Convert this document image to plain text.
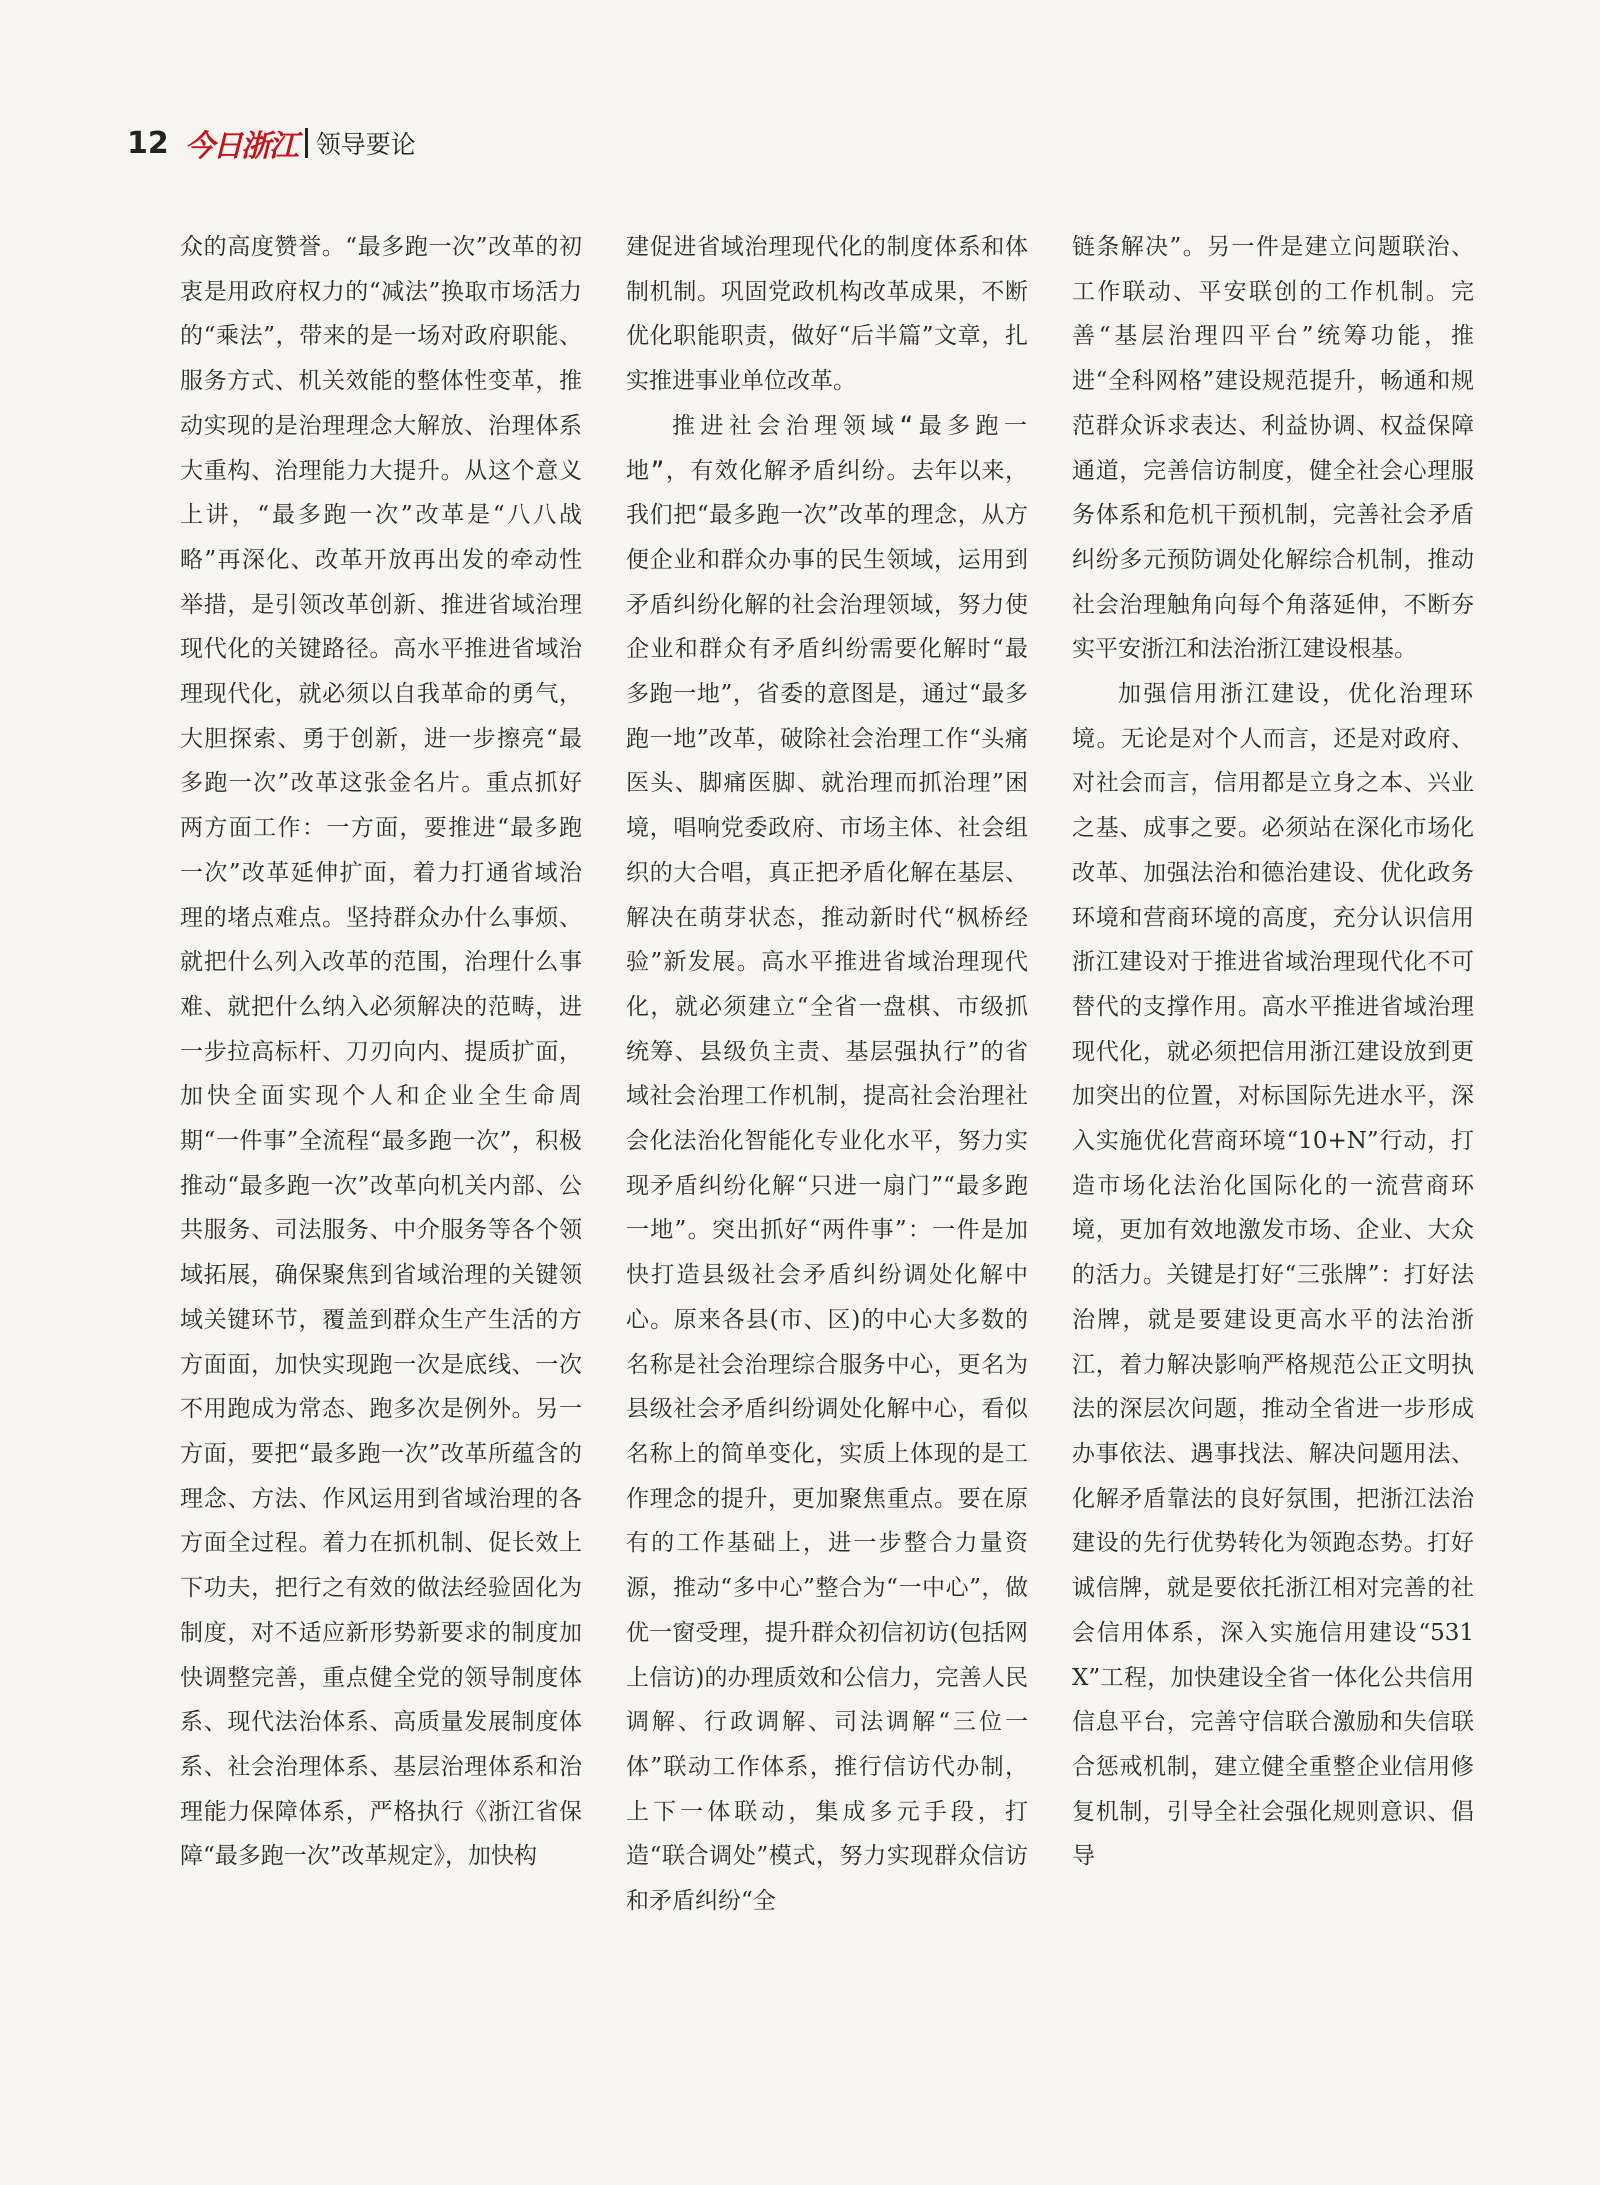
12 今日浙江 领导要论

众的高度赞誉。“最多跑一次”改革的初衷是用政府权力的“减法”换取市场活力的“乘法”，带来的是一场对政府职能、服务方式、机关效能的整体性变革，推动实现的是治理理念大解放、治理体系大重构、治理能力大提升。从这个意义上讲，“最多跑一次”改革是“八八战略”再深化、改革开放再出发的牵动性举措，是引领改革创新、推进省域治理现代化的关键路径。高水平推进省域治理现代化，就必须以自我革命的勇气，大胆探索、勇于创新，进一步擦亮“最多跑一次”改革这张金名片。重点抓好两方面工作：一方面，要推进“最多跑一次”改革延伸扩面，着力打通省域治理的堵点难点。坚持群众办什么事烦、就把什么列入改革的范围，治理什么事难、就把什么纳入必须解决的范畴，进一步拉高标杆、刀刃向内、提质扩面，加快全面实现个人和企业全生命周期“一件事”全流程“最多跑一次”，积极推动“最多跑一次”改革向机关内部、公共服务、司法服务、中介服务等各个领域拓展，确保聚焦到省域治理的关键领域关键环节，覆盖到群众生产生活的方方面面，加快实现跑一次是底线、一次不用跑成为常态、跑多次是例外。另一方面，要把“最多跑一次”改革所蕴含的理念、方法、作风运用到省域治理的各方面全过程。着力在抓机制、促长效上下功夫，把行之有效的做法经验固化为制度，对不适应新形势新要求的制度加快调整完善，重点健全党的领导制度体系、现代法治体系、高质量发展制度体系、社会治理体系、基层治理体系和治理能力保障体系，严格执行《浙江省保障“最多跑一次”改革规定》，加快构

建促进省域治理现代化的制度体系和体制机制。巩固党政机构改革成果，不断优化职能职责，做好“后半篇”文章，扎实推进事业单位改革。

推进社会治理领域“最多跑一地”，有效化解矛盾纠纷。去年以来，我们把“最多跑一次”改革的理念，从方便企业和群众办事的民生领域，运用到矛盾纠纷化解的社会治理领域，努力使企业和群众有矛盾纠纷需要化解时“最多跑一地”，省委的意图是，通过“最多跑一地”改革，破除社会治理工作“头痛医头、脚痛医脚、就治理而抓治理”困境，唱响党委政府、市场主体、社会组织的大合唱，真正把矛盾化解在基层、解决在萌芽状态，推动新时代“枫桥经验”新发展。高水平推进省域治理现代化，就必须建立“全省一盘棋、市级抓统筹、县级负主责、基层强执行”的省域社会治理工作机制，提高社会治理社会化法治化智能化专业化水平，努力实现矛盾纠纷化解“只进一扇门”“最多跑一地”。突出抓好“两件事”：一件是加快打造县级社会矛盾纠纷调处化解中心。原来各县(市、区)的中心大多数的名称是社会治理综合服务中心，更名为县级社会矛盾纠纷调处化解中心，看似名称上的简单变化，实质上体现的是工作理念的提升，更加聚焦重点。要在原有的工作基础上，进一步整合力量资源，推动“多中心”整合为“一中心”，做优一窗受理，提升群众初信初访(包括网上信访)的办理质效和公信力，完善人民调解、行政调解、司法调解“三位一体”联动工作体系，推行信访代办制，上下一体联动，集成多元手段，打造“联合调处”模式，努力实现群众信访和矛盾纠纷“全

链条解决”。另一件是建立问题联治、工作联动、平安联创的工作机制。完善“基层治理四平台”统筹功能，推进“全科网格”建设规范提升，畅通和规范群众诉求表达、利益协调、权益保障通道，完善信访制度，健全社会心理服务体系和危机干预机制，完善社会矛盾纠纷多元预防调处化解综合机制，推动社会治理触角向每个角落延伸，不断夯实平安浙江和法治浙江建设根基。

加强信用浙江建设，优化治理环境。无论是对个人而言，还是对政府、对社会而言，信用都是立身之本、兴业之基、成事之要。必须站在深化市场化改革、加强法治和德治建设、优化政务环境和营商环境的高度，充分认识信用浙江建设对于推进省域治理现代化不可替代的支撑作用。高水平推进省域治理现代化，就必须把信用浙江建设放到更加突出的位置，对标国际先进水平，深入实施优化营商环境“10+N”行动，打造市场化法治化国际化的一流营商环境，更加有效地激发市场、企业、大众的活力。关键是打好“三张牌”：打好法治牌，就是要建设更高水平的法治浙江，着力解决影响严格规范公正文明执法的深层次问题，推动全省进一步形成办事依法、遇事找法、解决问题用法、化解矛盾靠法的良好氛围，把浙江法治建设的先行优势转化为领跑态势。打好诚信牌，就是要依托浙江相对完善的社会信用体系，深入实施信用建设“531X”工程，加快建设全省一体化公共信用信息平台，完善守信联合激励和失信联合惩戒机制，建立健全重整企业信用修复机制，引导全社会强化规则意识、倡导
